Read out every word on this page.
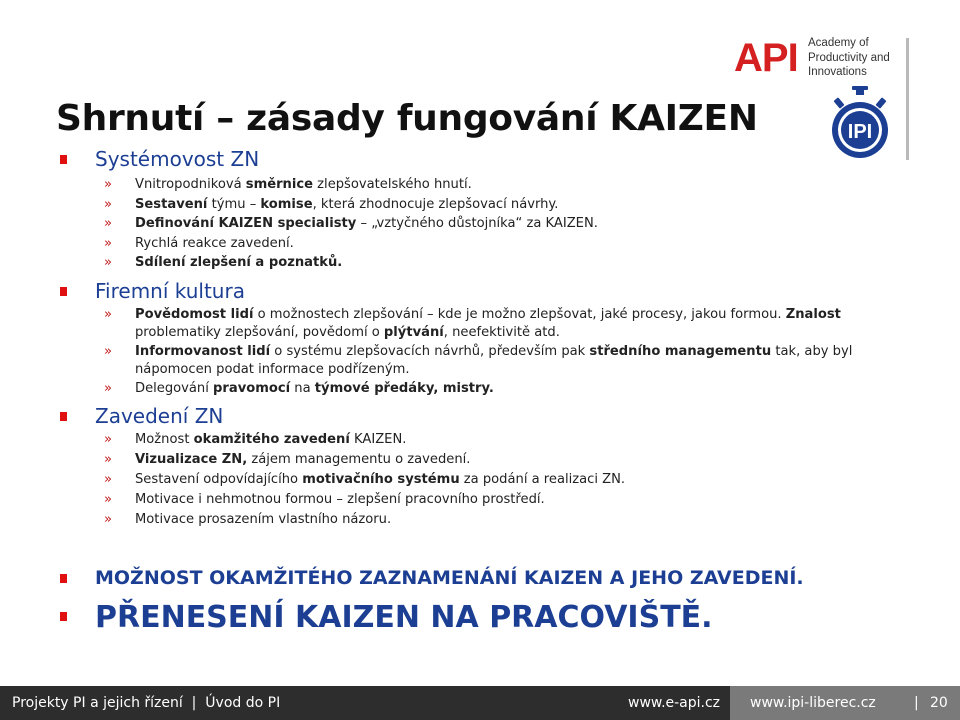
API Academy of
Productivity and
Innovations
IPI
Shrnutí – zásady fungování KAIZEN
Systémovost ZN
» Vnitropodniková směrnice zlepšovatelského hnutí.
» Sestavení týmu – komise, která zhodnocuje zlepšovací návrhy.
» Definování KAIZEN specialisty – „vztyčného důstojníka“ za KAIZEN.
» Rychlá reakce zavedení.
» Sdílení zlepšení a poznatků.
Firemní kultura
» Povědomost lidí o možnostech zlepšování – kde je možno zlepšovat, jaké procesy, jakou formou. Znalost problematiky zlepšování, povědomí o plýtvání, neefektivitě atd.
» Informovanost lidí o systému zlepšovacích návrhů, především pak středního managementu tak, aby byl nápomocen podat informace podřízeným.
» Delegování pravomocí na týmové předáky, mistry.
Zavedení ZN
» Možnost okamžitého zavedení KAIZEN.
» Vizualizace ZN, zájem managementu o zavedení.
» Sestavení odpovídajícího motivačního systému za podání a realizaci ZN.
» Motivace i nehmotnou formou – zlepšení pracovního prostředí.
» Motivace prosazením vlastního názoru.
MOŽNOST OKAMŽITÉHO ZAZNAMENÁNÍ KAIZEN A JEHO ZAVEDENÍ.
PŘENESENÍ KAIZEN NA PRACOVIŠTĚ.
Projekty PI a jejich řízení  |  Úvod do PI	www.e-api.cz www.ipi-liberec.cz	| 20
